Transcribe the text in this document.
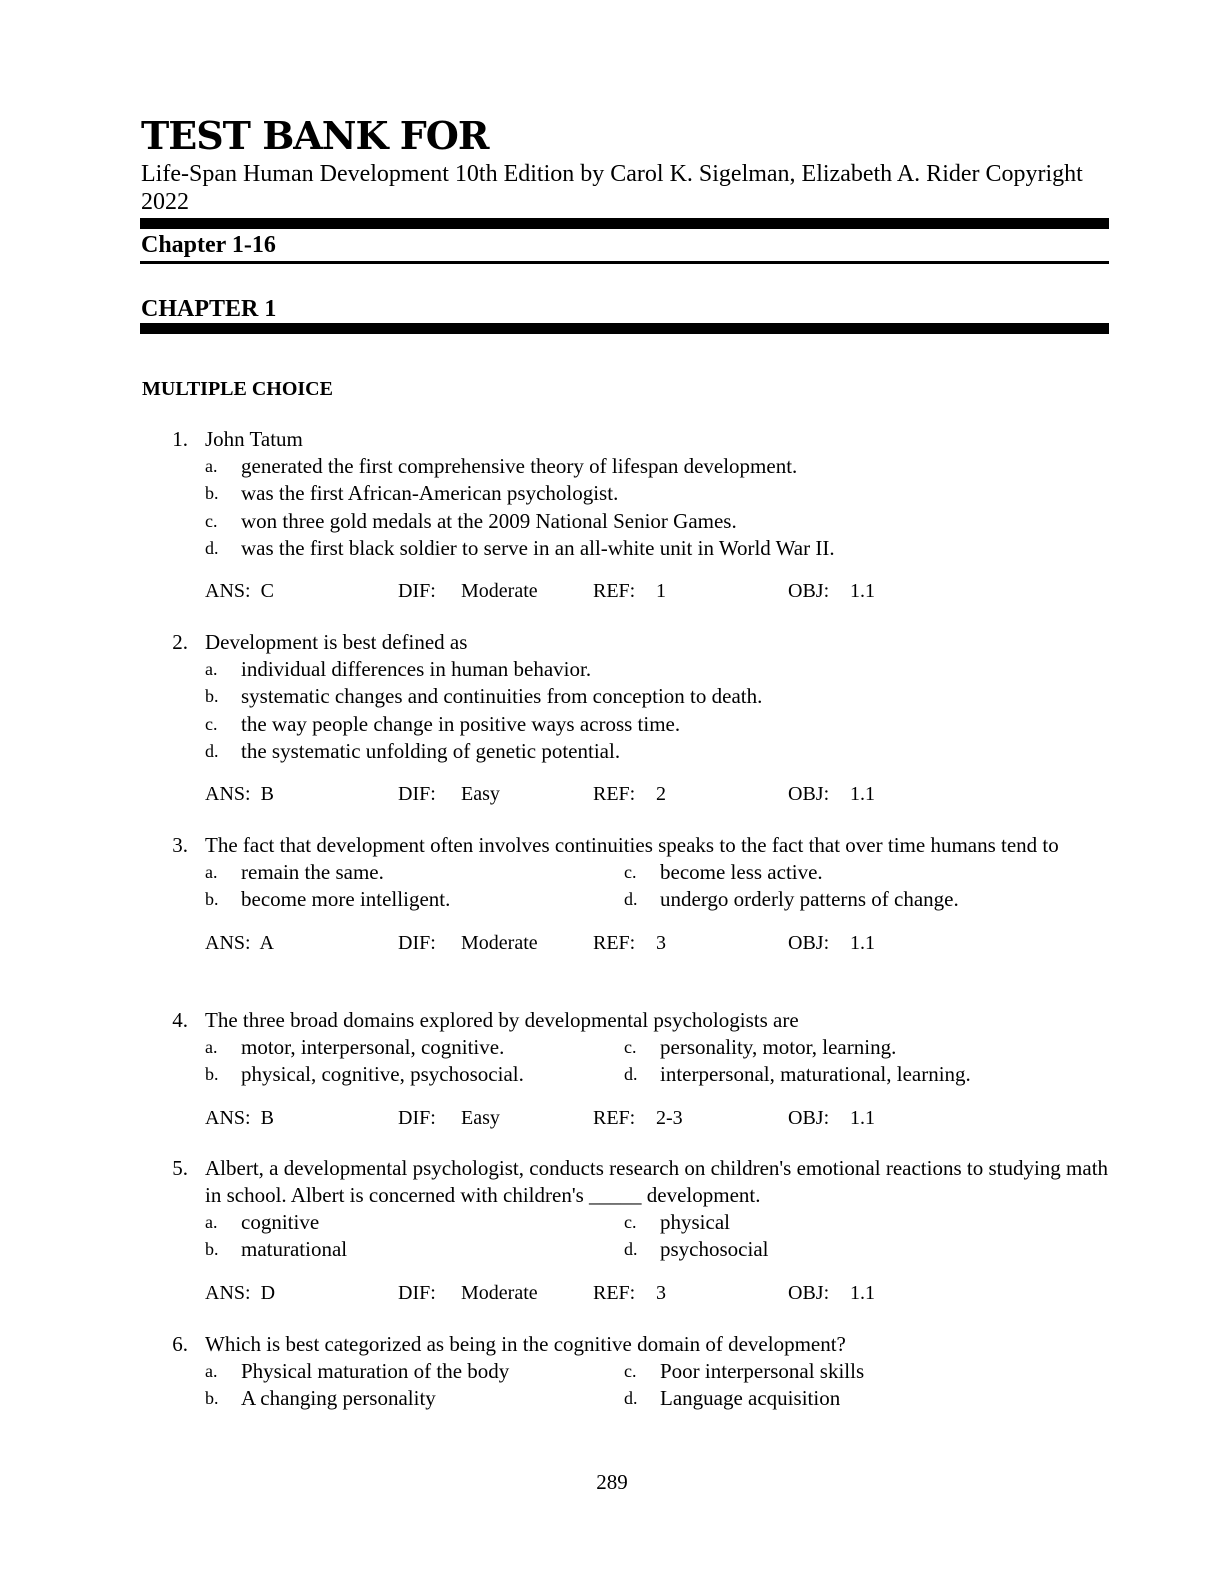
TEST BANK FOR
Life-Span Human Development 10th Edition by Carol K. Sigelman, Elizabeth A. Rider Copyright 2022
Chapter 1-16
CHAPTER 1
MULTIPLE CHOICE
1. John Tatum
a. generated the first comprehensive theory of lifespan development.
b. was the first African-American psychologist.
c. won three gold medals at the 2009 National Senior Games.
d. was the first black soldier to serve in an all-white unit in World War II.
ANS: C	DIF: Moderate	REF: 1	OBJ: 1.1
2. Development is best defined as
a. individual differences in human behavior.
b. systematic changes and continuities from conception to death.
c. the way people change in positive ways across time.
d. the systematic unfolding of genetic potential.
ANS: B	DIF: Easy	REF: 2	OBJ: 1.1
3. The fact that development often involves continuities speaks to the fact that over time humans tend to
a. remain the same.	c. become less active.
b. become more intelligent.	d. undergo orderly patterns of change.
ANS: A	DIF: Moderate	REF: 3	OBJ: 1.1
4. The three broad domains explored by developmental psychologists are
a. motor, interpersonal, cognitive.	c. personality, motor, learning.
b. physical, cognitive, psychosocial.	d. interpersonal, maturational, learning.
ANS: B	DIF: Easy	REF: 2-3	OBJ: 1.1
5. Albert, a developmental psychologist, conducts research on children's emotional reactions to studying math in school. Albert is concerned with children's _____ development.
a. cognitive	c. physical
b. maturational	d. psychosocial
ANS: D	DIF: Moderate	REF: 3	OBJ: 1.1
6. Which is best categorized as being in the cognitive domain of development?
a. Physical maturation of the body	c. Poor interpersonal skills
b. A changing personality	d. Language acquisition
289
